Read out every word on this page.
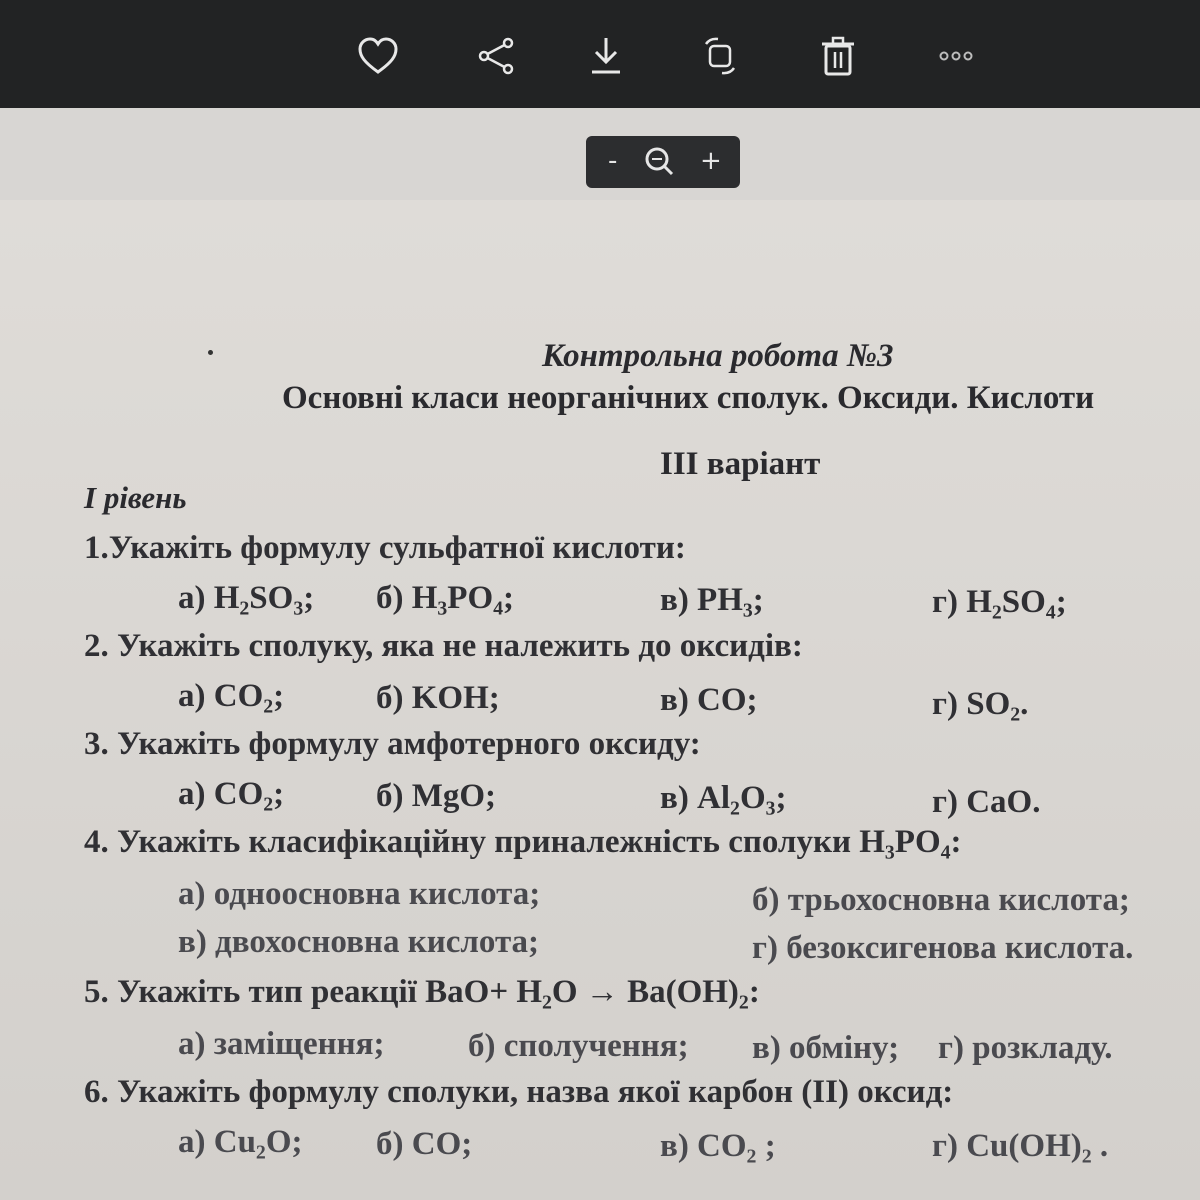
-	+
Контрольна робота №3
Основні класи неорганічних сполук. Оксиди. Кислоти
III варіант
I рівень
1.Укажіть формулу сульфатної кислоти:
а) H₂SO₃; б) H₃PO₄;	в) PH₃;	г) H₂SO₄;
2. Укажіть сполуку, яка не належить до оксидів:
а) CO₂;	б) KOH;	в) CO;	г) SO₂.
3. Укажіть формулу амфотерного оксиду:
а) CO₂;	б) MgO;	в) Al₂O₃;	г) CaO.
4. Укажіть класифікаційну приналежність сполуки H₃PO₄:
а) одноосновна кислота;	б) трьохосновна кислота;
в) двохосновна кислота;	г) безоксигенова кислота.
5. Укажіть тип реакції BaO+ H₂O → Ba(OH)₂:
а) заміщення;	б) сполучення; в) обміну; г) розкладу.
6. Укажіть формулу сполуки, назва якої карбон (II) оксид:
а) Cu₂O; б) CO;	в) CO₂ ;	г) Cu(OH)₂ .
